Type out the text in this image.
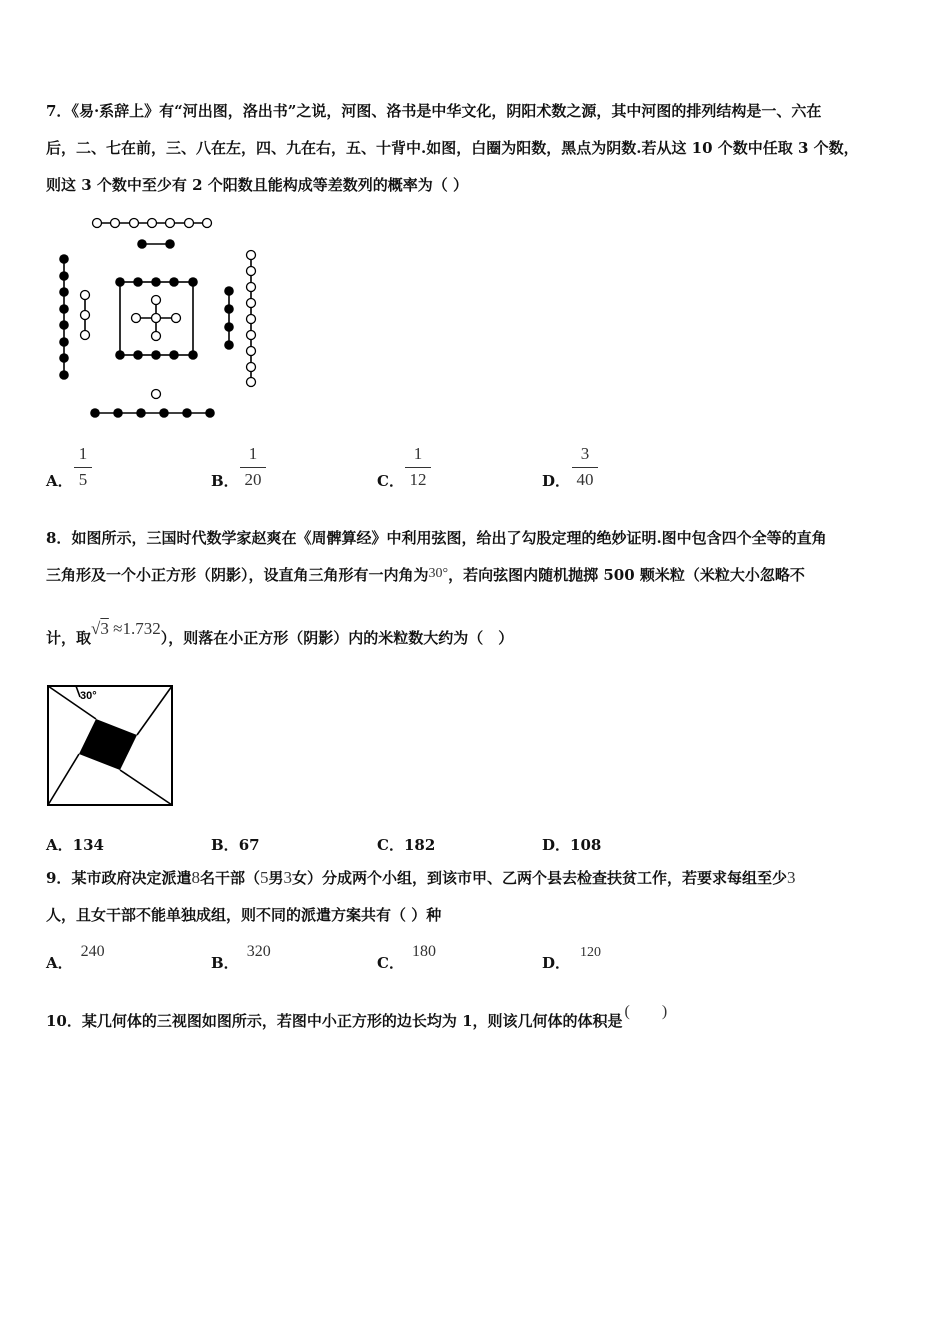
7．《易·系辞上》有“河出图，洛出书”之说，河图、洛书是中华文化，阴阳术数之源，其中河图的排列结构是一、六在
后，二、七在前，三、八在左，四、九在右，五、十背中.如图，白圈为阳数，黑点为阴数.若从这 10 个数中任取 3 个数，
则这 3 个数中至少有 2 个阳数且能构成等差数列的概率为（ ）
A．
1
5	B．
1
20	C．
1
12	D．
3
40
8．如图所示，三国时代数学家赵爽在《周髀算经》中利用弦图，给出了勾股定理的绝妙证明.图中包含四个全等的直角
三角形及一个小正方形（阴影），设直角三角形有一内角为30°，若向弦图内随机抛掷 500 颗米粒（米粒大小忽略不
计，取√3 ≈1.732），则落在小正方形（阴影）内的米粒数大约为（　）
30°
A．134	B．67	C．182	D．108
9．某市政府决定派遣8名干部（5男3女）分成两个小组，到该市甲、乙两个县去检查扶贫工作，若要求每组至少3
人，且女干部不能单独成组，则不同的派遣方案共有（ ）种
A．240
B．320
C．180
D．120
10．某几何体的三视图如图所示，若图中小正方形的边长均为 1，则该几何体的体积是(　　)
